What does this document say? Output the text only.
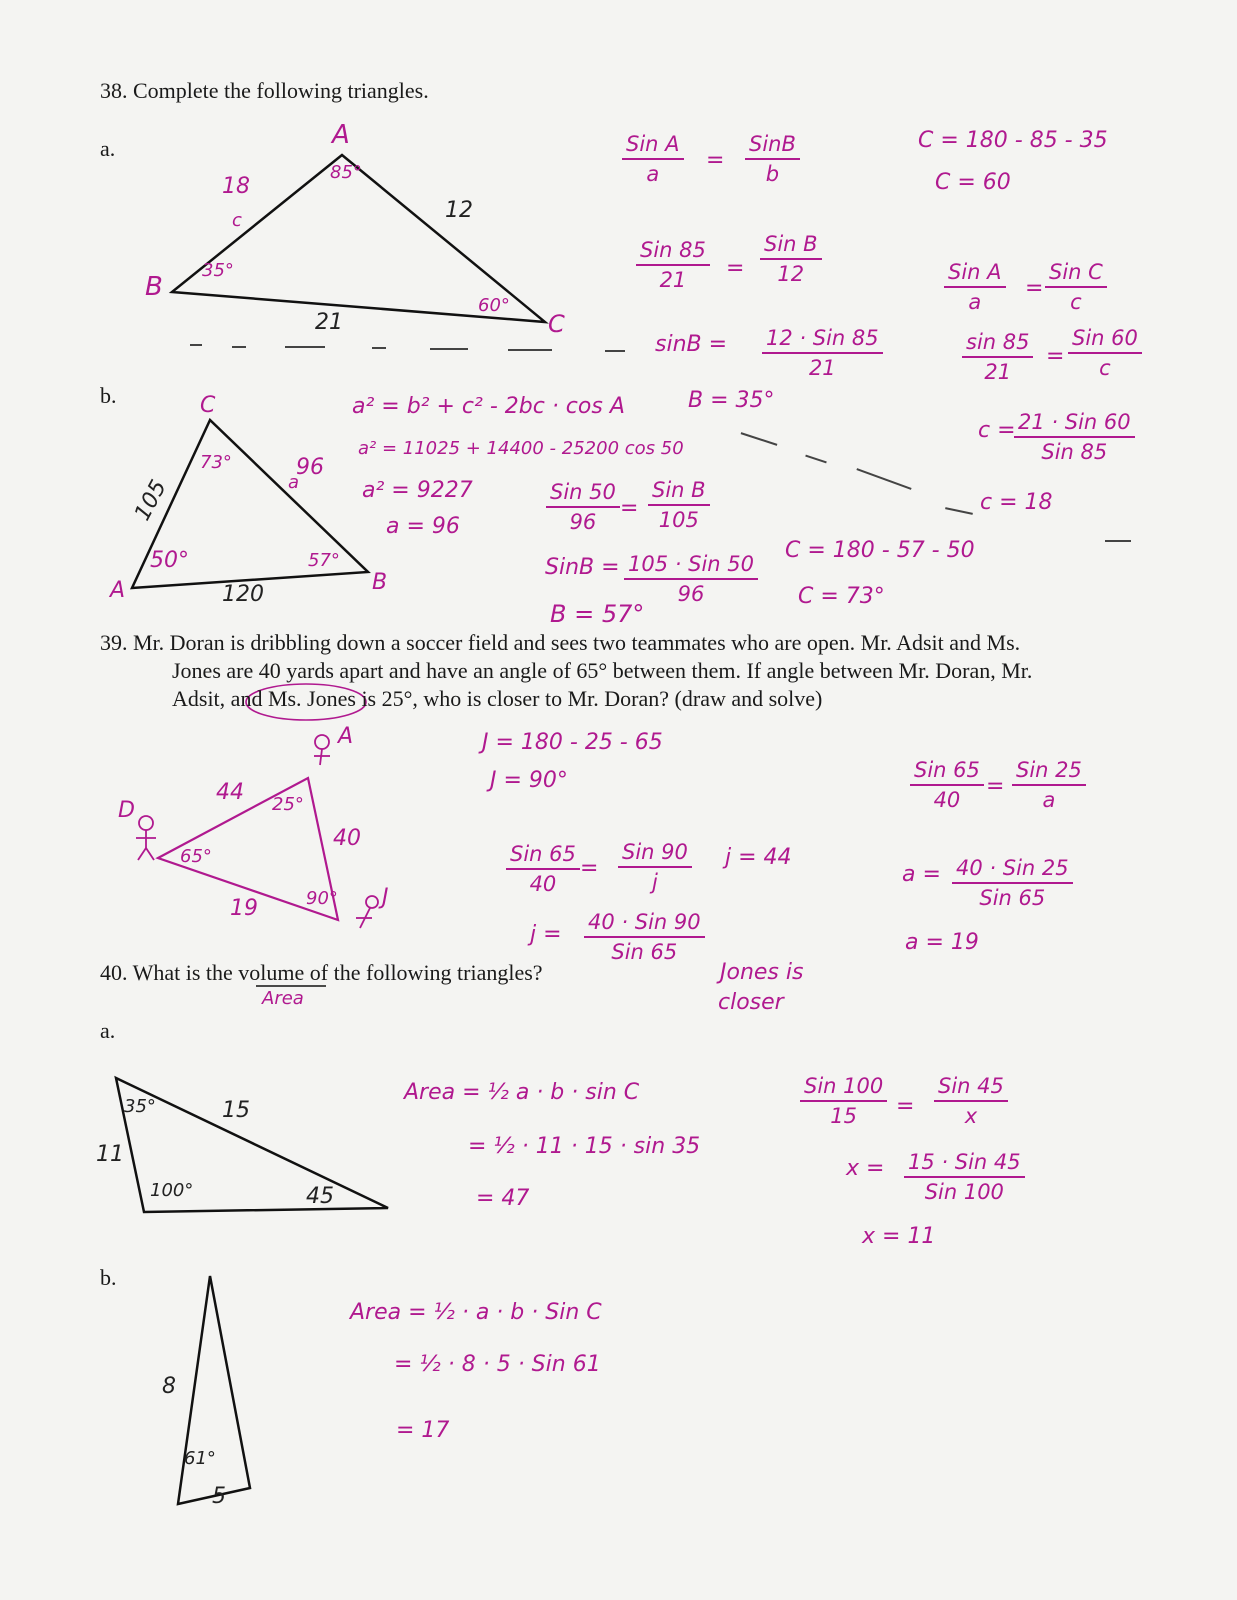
38. Complete the following triangles.
a.	A
B
C
85°
35°
60°
18
c	12
21
Sin A
a
=
SinB
b
Sin 85
21 =
Sin B
12
sinB = 12 · Sin 85
21
B = 35°
C = 180 - 85 - 35
C = 60
Sin A
a
=
Sin C
c
$\frac{\sin 85}{21}$ =
Sin 60
c
c = 21 · Sin 60
Sin 85
c = 18
b.	C
A	B
73°
50°	57°
105
96
a
120
a² = b² + c² - 2bc · cos A
a² = 11025 + 14400 - 25200 cos 50
a² = 9227
a = 96
Sin 50
96
=
Sin B
105
SinB = 105 · Sin 50
96
B = 57°
C = 180 - 57 - 50
C = 73°
39. Mr. Doran is dribbling down a soccer field and sees two teammates who are open. Mr. Adsit and Ms.
Jones are 40 yards apart and have an angle of 65° between them. If angle between Mr. Doran, Mr.
Adsit, and Ms. Jones is 25°, who is closer to Mr. Doran? (draw and solve)
D
A
J
65°
25°
90°
44
40
19
J = 180 - 25 - 65
J = 90°
Sin 65
40
=
Sin 90
j
j = 44
j = 40 · Sin 90
Sin 65
Sin 65
40
=
Sin 25
a
a = 40 · Sin 25
Sin 65
a = 19
Jones is
closer
40. What is the volume of the following triangles?
Area
a.
35°
100°	45
11
15
Area = ½ a · b · sin C
= ½ · 11 · 15 · sin 35
= 47
Sin 100
15 =
Sin 45
x
x = 15 · Sin 45
Sin 100
x = 11
b.
8
5
61°
Area = ½ · a · b · Sin C
= ½ · 8 · 5 · Sin 61
= 17
